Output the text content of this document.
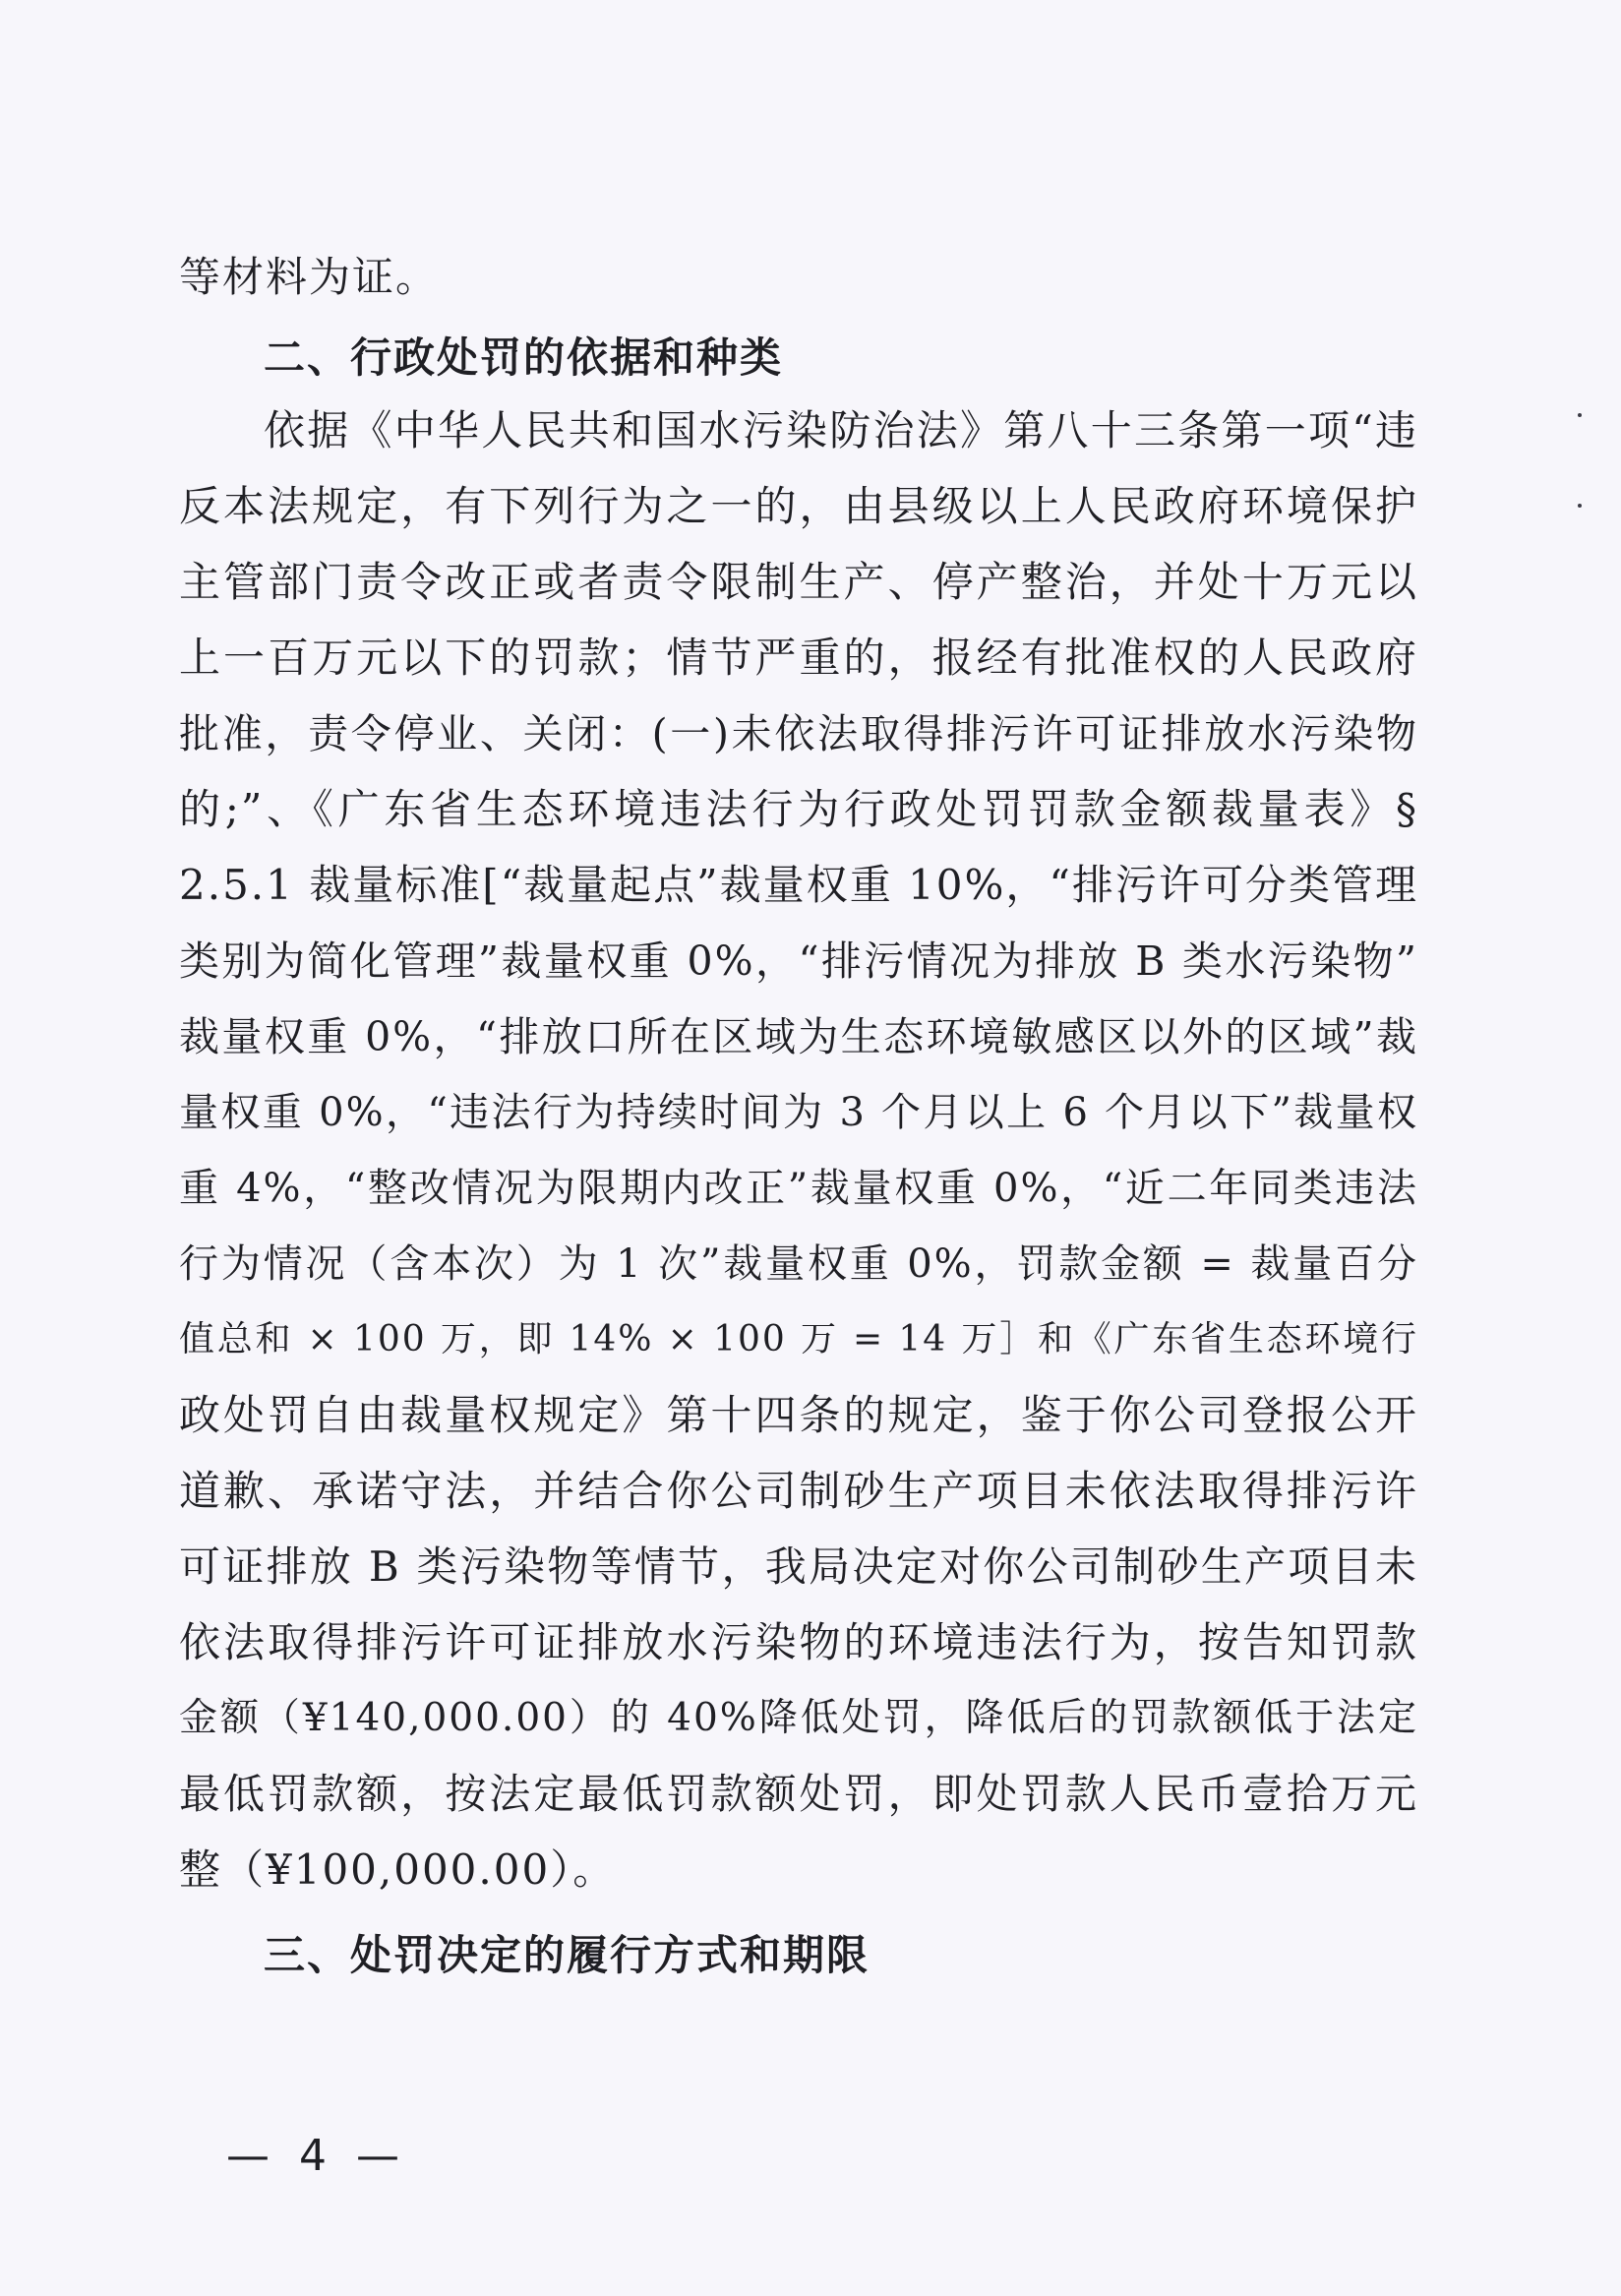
等材料为证。
二、行政处罚的依据和种类
依据《中华人民共和国水污染防治法》第八十三条第一项“违
反本法规定，有下列行为之一的，由县级以上人民政府环境保护
主管部门责令改正或者责令限制生产、停产整治，并处十万元以
上一百万元以下的罚款；情节严重的，报经有批准权的人民政府
批准，责令停业、关闭：(一)未依法取得排污许可证排放水污染物
的;”、《广东省生态环境违法行为行政处罚罚款金额裁量表》§
2.5.1 裁量标准[“裁量起点”裁量权重 10%，“排污许可分类管理
类别为简化管理”裁量权重 0%，“排污情况为排放 B 类水污染物”
裁量权重 0%，“排放口所在区域为生态环境敏感区以外的区域”裁
量权重 0%，“违法行为持续时间为 3 个月以上 6 个月以下”裁量权
重 4%，“整改情况为限期内改正”裁量权重 0%，“近二年同类违法
行为情况（含本次）为 1 次”裁量权重 0%，罚款金额 = 裁量百分
值总和 × 100 万，即 14% × 100 万 = 14 万］和《广东省生态环境行
政处罚自由裁量权规定》第十四条的规定，鉴于你公司登报公开
道歉、承诺守法，并结合你公司制砂生产项目未依法取得排污许
可证排放 B 类污染物等情节，我局决定对你公司制砂生产项目未
依法取得排污许可证排放水污染物的环境违法行为，按告知罚款
金额（¥140,000.00）的 40%降低处罚，降低后的罚款额低于法定
最低罚款额，按法定最低罚款额处罚，即处罚款人民币壹拾万元
整（¥100,000.00）。
三、处罚决定的履行方式和期限
— 4 —
